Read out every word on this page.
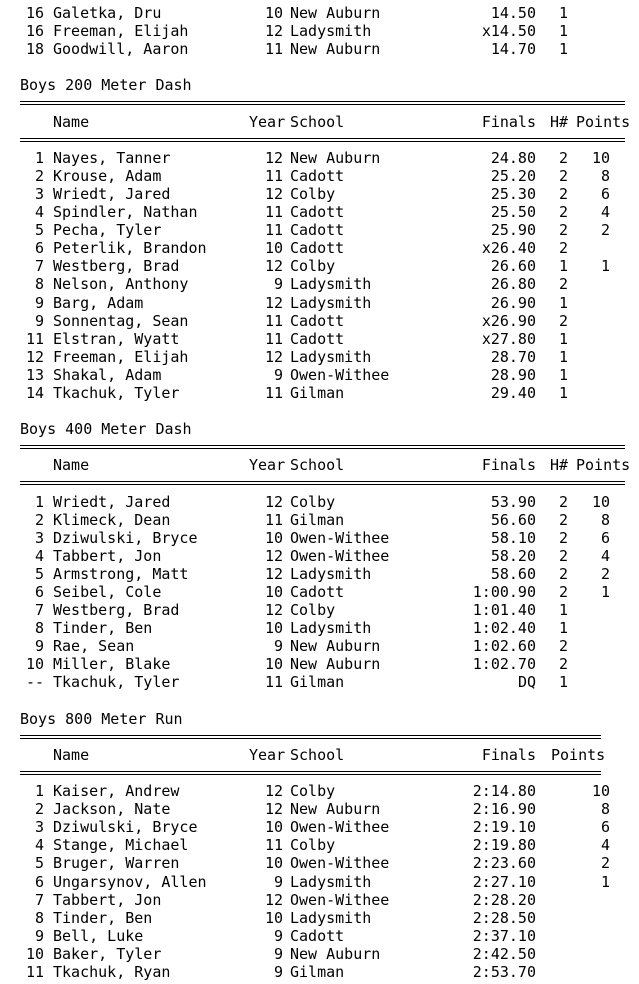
16 Galetka, Dru	10 New Auburn	14.50	1
16 Freeman, Elijah	12 Ladysmith	x14.50	1
18 Goodwill, Aaron	11 New Auburn	14.70	1
Boys 200 Meter Dash
Name	Year School	Finals H# Points
1 Nayes, Tanner	12 New Auburn	24.80	2	10
2 Krouse, Adam	11 Cadott	25.20	2	8
3 Wriedt, Jared	12 Colby	25.30	2	6
4 Spindler, Nathan	11 Cadott	25.50	2	4
5 Pecha, Tyler	11 Cadott	25.90	2	2
6 Peterlik, Brandon	10 Cadott	x26.40	2
7 Westberg, Brad	12 Colby	26.60	1	1
8 Nelson, Anthony	9 Ladysmith	26.80	2
9 Barg, Adam	12 Ladysmith	26.90	1
9 Sonnentag, Sean	11 Cadott	x26.90	2
11 Elstran, Wyatt	11 Cadott	x27.80	1
12 Freeman, Elijah	12 Ladysmith	28.70	1
13 Shakal, Adam	9 Owen-Withee	28.90	1
14 Tkachuk, Tyler	11 Gilman	29.40	1
Boys 400 Meter Dash
Name	Year School	Finals H# Points
1 Wriedt, Jared	12 Colby	53.90	2	10
2 Klimeck, Dean	11 Gilman	56.60	2	8
3 Dziwulski, Bryce	10 Owen-Withee	58.10	2	6
4 Tabbert, Jon	12 Owen-Withee	58.20	2	4
5 Armstrong, Matt	12 Ladysmith	58.60	2	2
6 Seibel, Cole	10 Cadott	1:00.90	2	1
7 Westberg, Brad	12 Colby	1:01.40	1
8 Tinder, Ben	10 Ladysmith	1:02.40	1
9 Rae, Sean	9 New Auburn	1:02.60	2
10 Miller, Blake	10 New Auburn	1:02.70	2
-- Tkachuk, Tyler	11 Gilman	DQ	1
Boys 800 Meter Run
Name	Year School	Finals Points
1 Kaiser, Andrew	12 Colby	2:14.80	10
2 Jackson, Nate	12 New Auburn	2:16.90	8
3 Dziwulski, Bryce	10 Owen-Withee	2:19.10	6
4 Stange, Michael	11 Colby	2:19.80	4
5 Bruger, Warren	10 Owen-Withee	2:23.60	2
6 Ungarsynov, Allen	9 Ladysmith	2:27.10	1
7 Tabbert, Jon	12 Owen-Withee	2:28.20
8 Tinder, Ben	10 Ladysmith	2:28.50
9 Bell, Luke	9 Cadott	2:37.10
10 Baker, Tyler	9 New Auburn	2:42.50
11 Tkachuk, Ryan	9 Gilman	2:53.70
